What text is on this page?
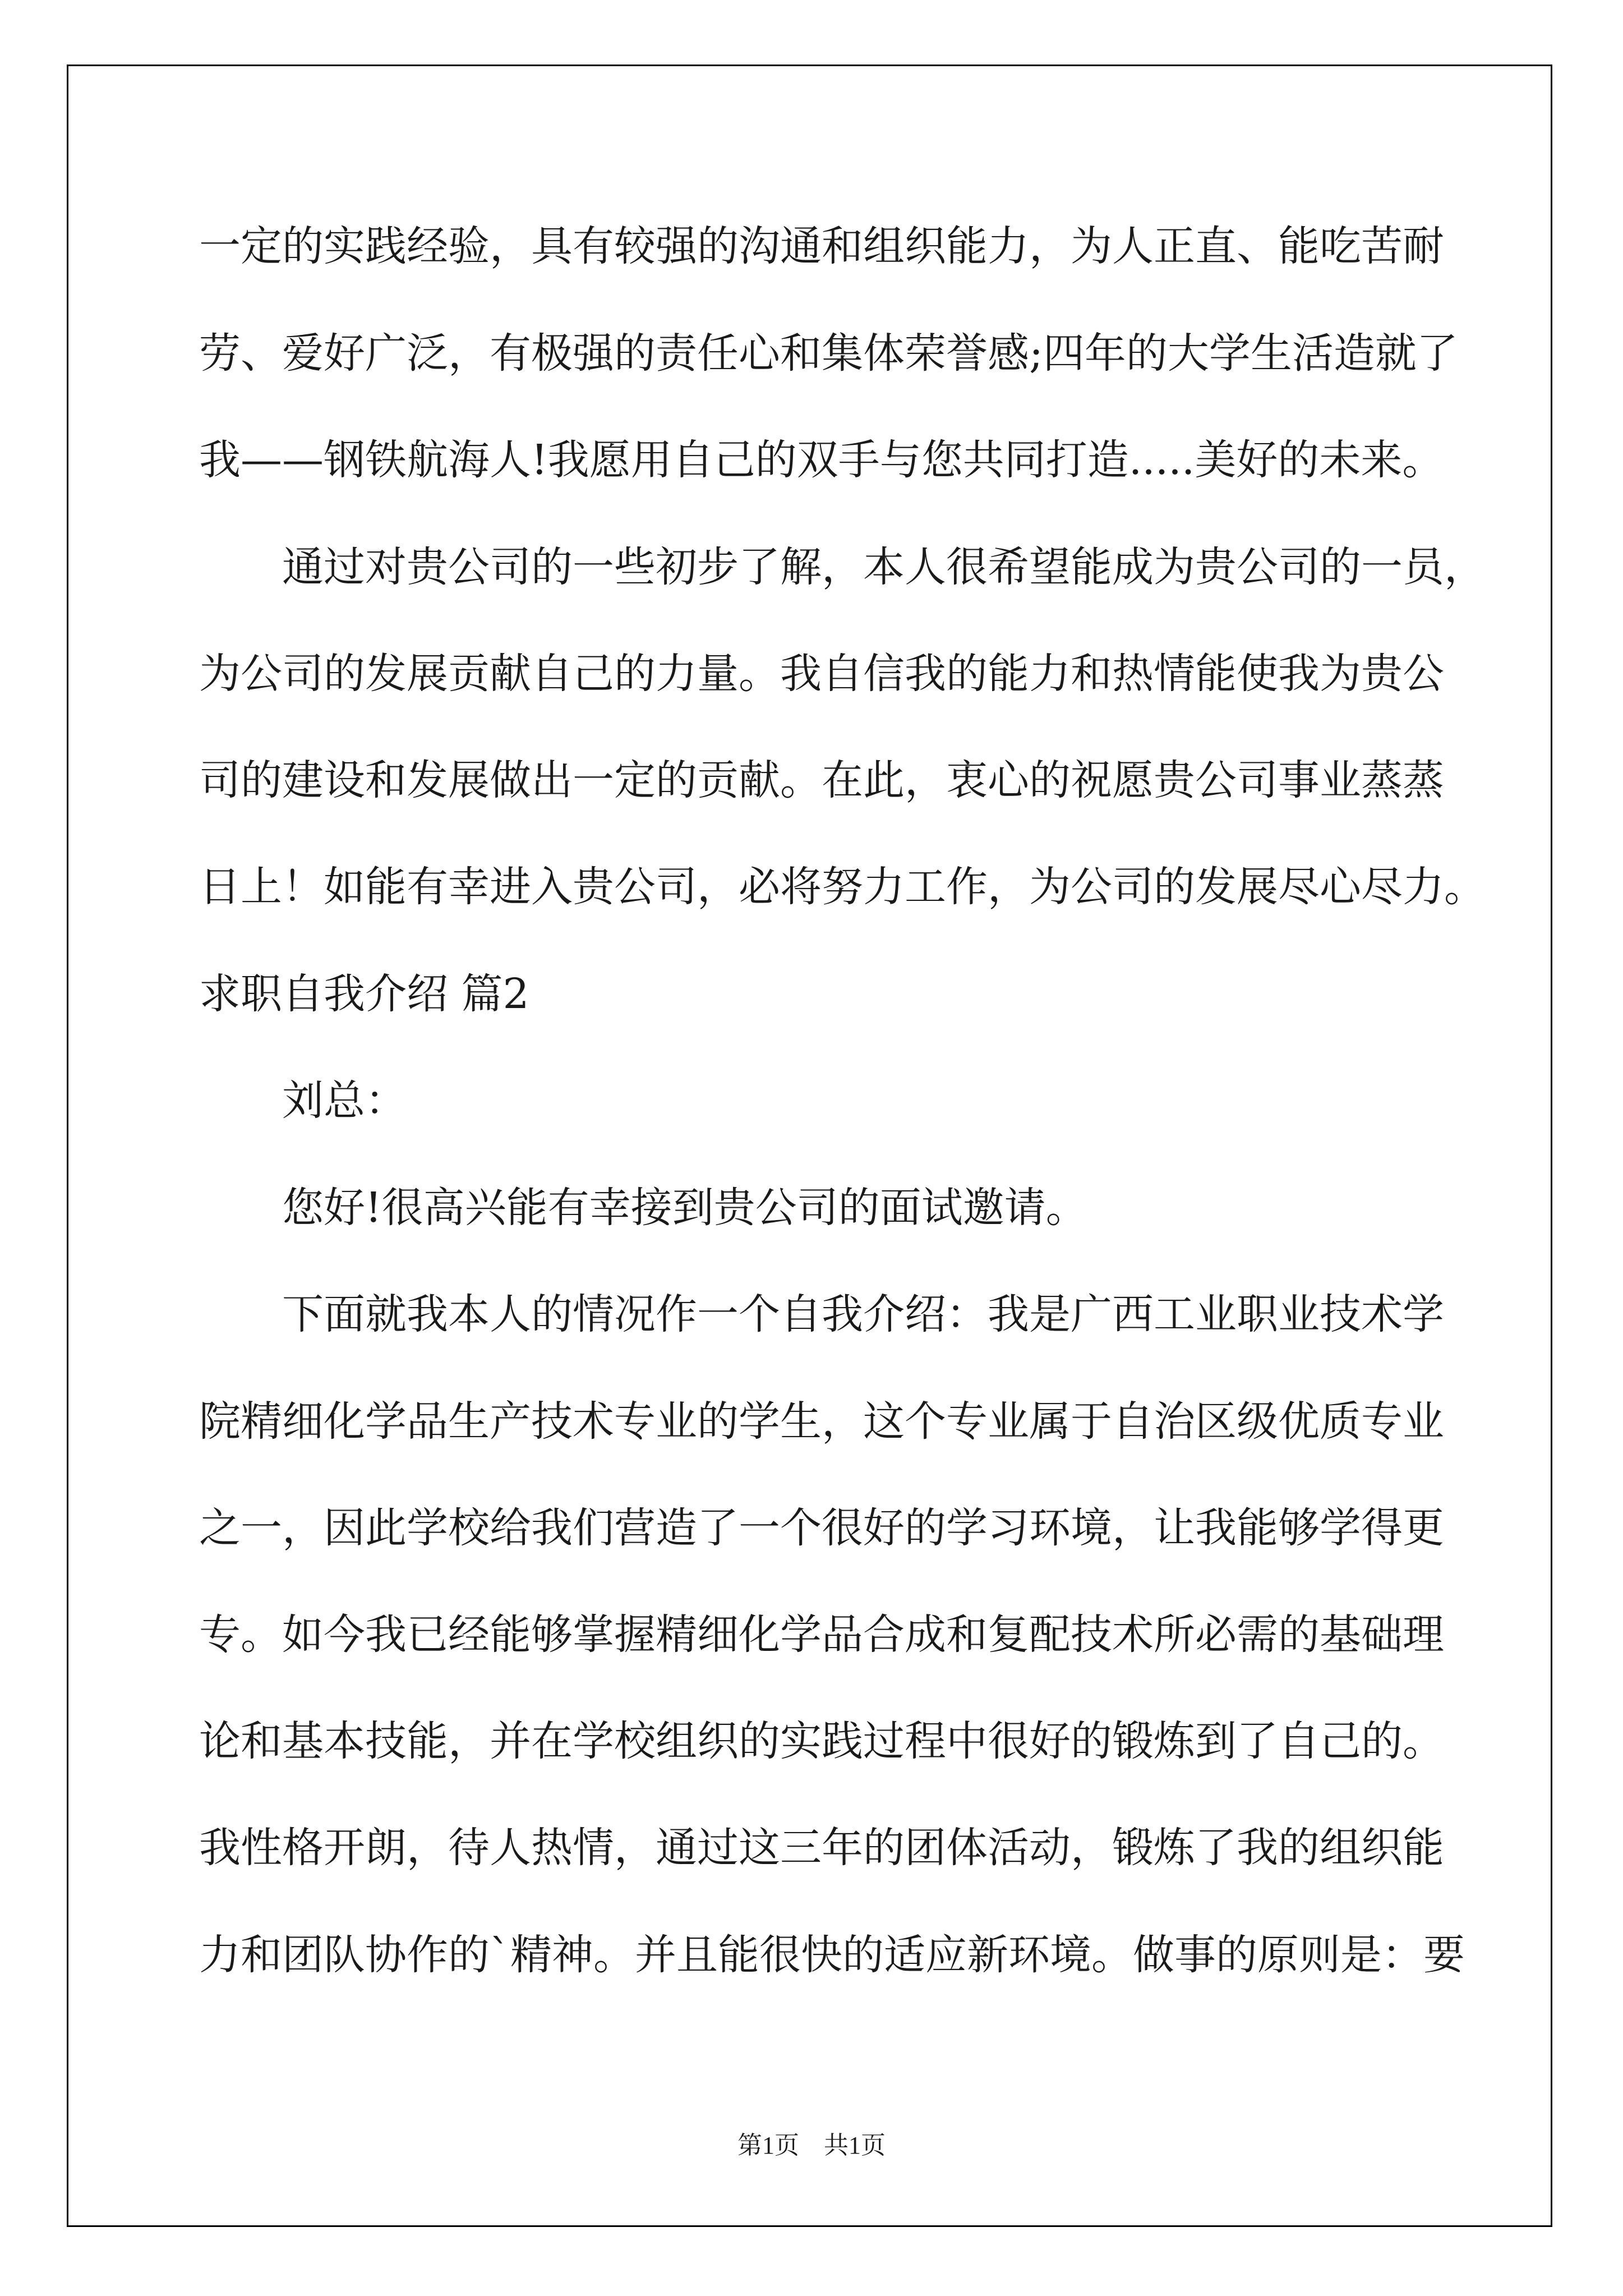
一定的实践经验，具有较强的沟通和组织能力，为人正直、能吃苦耐

劳、爱好广泛，有极强的责任心和集体荣誉感;四年的大学生活造就了

我——钢铁航海人!我愿用自己的双手与您共同打造.....美好的未来。

通过对贵公司的一些初步了解，本人很希望能成为贵公司的一员，

为公司的发展贡献自己的力量。我自信我的能力和热情能使我为贵公

司的建设和发展做出一定的贡献。在此，衷心的祝愿贵公司事业蒸蒸

日上！如能有幸进入贵公司，必将努力工作，为公司的发展尽心尽力。

求职自我介绍 篇2

刘总：

您好!很高兴能有幸接到贵公司的面试邀请。

下面就我本人的情况作一个自我介绍：我是广西工业职业技术学

院精细化学品生产技术专业的学生，这个专业属于自治区级优质专业

之一，因此学校给我们营造了一个很好的学习环境，让我能够学得更

专。如今我已经能够掌握精细化学品合成和复配技术所必需的基础理

论和基本技能，并在学校组织的实践过程中很好的锻炼到了自己的。

我性格开朗，待人热情，通过这三年的团体活动，锻炼了我的组织能

力和团队协作的`精神。并且能很快的适应新环境。做事的原则是：要

第1页 共1页
